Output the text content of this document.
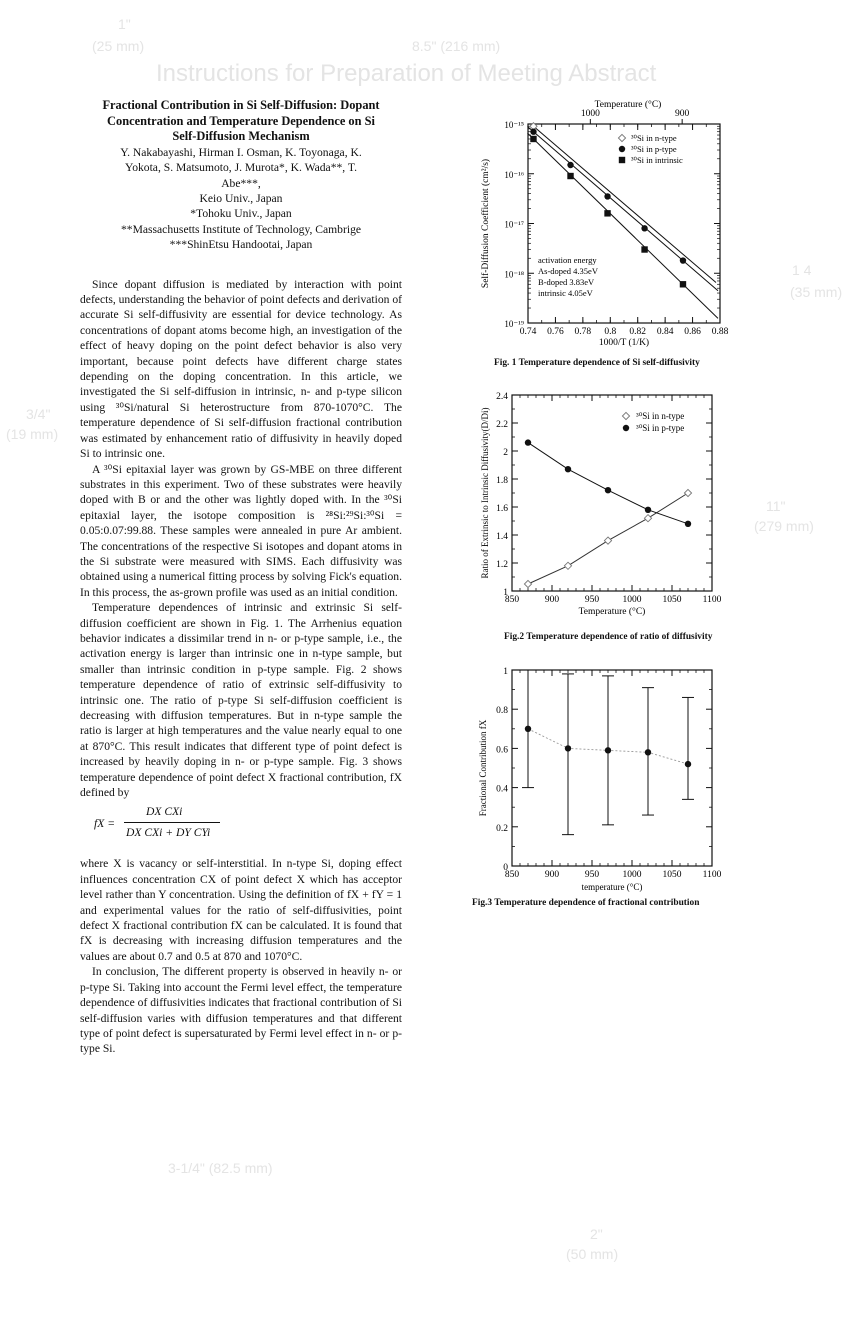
1"
(25 mm)	8.5" (216 mm)
Instructions for Preparation of Meeting Abstract
3/4"
(19 mm)
1 4
(35 mm)
11"
(279 mm)
3-1/4" (82.5 mm)
2"
(50 mm)
Fractional Contribution in Si Self-Diffusion: Dopant
Concentration and Temperature Dependence on Si
Self-Diffusion Mechanism
Y. Nakabayashi, Hirman I. Osman, K. Toyonaga, K.
Yokota, S. Matsumoto, J. Murota*, K. Wada**, T.
Abe***,
Keio Univ., Japan
*Tohoku Univ., Japan
**Massachusetts Institute of Technology, Cambrige
***ShinEtsu Handootai, Japan

Since dopant diffusion is mediated by interaction with point defects, understanding the behavior of point defects and derivation of accurate Si self-diffusivity are essential for device technology. As concentrations of dopant atoms become high, an investigation of the effect of heavy doping on the point defect behavior is also very important, because point defects have different charge states depending on the doping concentration. In this article, we investigated the Si self-diffusion in intrinsic, n- and p-type silicon using ³⁰Si/natural Si heterostructure from 870-1070°C. The temperature dependence of Si self-diffusion fractional contribution was estimated by enhancement ratio of diffusivity in heavily doped Si to intrinsic one.

A ³⁰Si epitaxial layer was grown by GS-MBE on three different substrates in this experiment. Two of these substrates were heavily doped with B or and the other was lightly doped with. In the ³⁰Si epitaxial layer, the isotope composition is ²⁸Si:²⁹Si:³⁰Si = 0.05:0.07:99.88. These samples were annealed in pure Ar ambient. The concentrations of the respective Si isotopes and dopant atoms in the Si substrate were measured with SIMS. Each diffusivity was obtained using a numerical fitting process by solving Fick's equation. In this process, the as-grown profile was used as an initial condition.

Temperature dependences of intrinsic and extrinsic Si self-diffusion coefficient are shown in Fig. 1. The Arrhenius equation behavior indicates a dissimilar trend in n- or p-type sample, i.e., the activation energy is larger than intrinsic one in n-type sample, but smaller than intrinsic condition in p-type sample. Fig. 2 shows temperature dependence of ratio of extrinsic self-diffusivity to intrinsic one. The ratio of p-type Si self-diffusion coefficient is decreasing with diffusion temperatures. But in n-type sample the ratio is larger at high temperatures and the value nearly equal to one at 870°C. This result indicates that different type of point defect is increased by heavily doping in n- or p-type sample. Fig. 3 shows temperature dependence of point defect X fractional contribution, fX defined by

fX =
DX CXi
DX CXi + DY CYi

where X is vacancy or self-interstitial. In n-type Si, doping effect influences concentration CX of point defect X which has acceptor level rather than Y concentration. Using the definition of fX + fY = 1 and experimental values for the ratio of self-diffusivities, point defect X fractional contribution fX can be calculated. It is found that fX is decreasing with increasing diffusion temperatures and the values are about 0.7 and 0.5 at 870 and 1070°C.

In conclusion, The different property is observed in heavily n- or p-type Si. Taking into account the Fermi level effect, the temperature dependence of diffusivities indicates that fractional contribution of Si self-diffusion varies with diffusion temperatures and that different type of point defect is supersaturated by Fermi level effect in n- or p-type Si.

0.74 0.76 0.78 0.8 0.82 0.84 0.86 0.88
10⁻¹⁵
10⁻¹⁶
10⁻¹⁷
10⁻¹⁸
10⁻¹⁹
1000	900
Temperature (°C)
1000/T (1/K)
Self-Diffusion Coefficient (cm²/s)
³⁰Si in n-type
³⁰Si in p-type
³⁰Si in intrinsic
activation energy
As-doped 4.35eV
B-doped 3.83eV
intrinsic 4.05eV
Fig. 1 Temperature dependence of Si self-diffusivity
850	900	950 1000 1050 1100
1
1.2
1.4
1.6
1.8
2
2.2
2.4
Temperature (°C)
Ratio of Extrinsic to Intrinsic Diffusivity(D/Di)	³⁰Si in n-type
³⁰Si in p-type
Fig.2 Temperature dependence of ratio of diffusivity
850	900	950 1000 1050 1100
0
0.2
0.4
0.6
0.8
1
temperature (°C)
Fractional Contribution fX
Fig.3 Temperature dependence of fractional contribution
